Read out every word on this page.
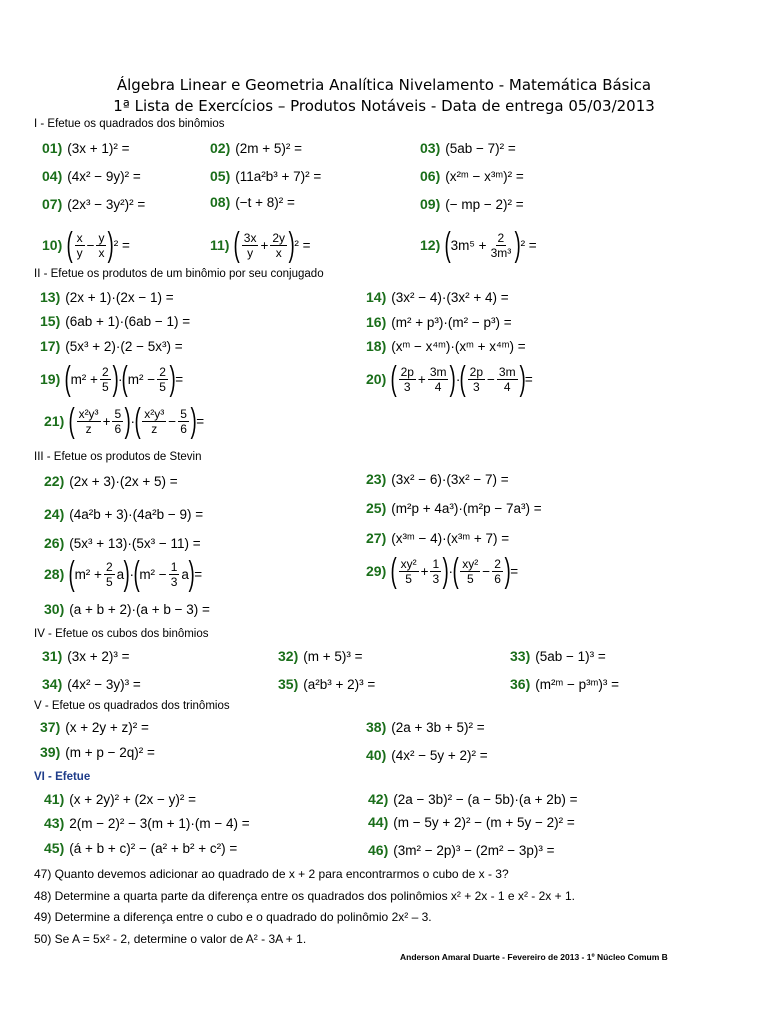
Álgebra Linear e Geometria Analítica Nivelamento - Matemática Básica
1ª Lista de Exercícios – Produtos Notáveis - Data de entrega 05/03/2013
I - Efetue os quadrados dos binômios
01) (3x + 1)² =	02) (2m + 5)² =	03) (5ab − 7)² =
04) (4x² − 9y)² =	05) (11a²b³ + 7)² =	06) (x²ᵐ − x³ᵐ)² =
07) (2x³ − 3y²)² =	08) (−t + 8)² =	09) (− mp − 2)² =
10) ( $\frac{x}{y} - \frac{y}{x}$ ) ² =	11) ( $\frac{3x}{y} + \frac{2y}{x}$ ) ² =	12) ( $3m^5 + \frac{2}{\text{3m³}}$ ) ² =
II - Efetue os produtos de um binômio por seu conjugado
13) (2x + 1)·(2x − 1) =	14) (3x² − 4)·(3x² + 4) =
15) (6ab + 1)·(6ab − 1) =	16) (m² + p³)·(m² − p³) =
17) (5x³ + 2)·(2 − 5x³) =	18) (xᵐ − x⁴ᵐ)·(xᵐ + x⁴ᵐ) =
19) ( $m^2 + \frac{2}{5}$ ) · ( $m^2 - \frac{2}{5}$ ) =	20) ( $\frac{2p}{3} + \frac{3m}{4}$ ) · ( $\frac{2p}{3} - \frac{3m}{4}$ ) =
21) ( $\frac{\text{x²y³}}{z} + \frac{5}{6}$ ) · ( $\frac{\text{x²y³}}{z} - \frac{5}{6}$ ) =
III - Efetue os produtos de Stevin
22) (2x + 3)·(2x + 5) =	23) (3x² − 6)·(3x² − 7) =
24) (4a²b + 3)·(4a²b − 9) =	25) (m²p + 4a³)·(m²p − 7a³) =
26) (5x³ + 13)·(5x³ − 11) =	27) (x³ᵐ − 4)·(x³ᵐ + 7) =
28) ( $m^2 + \frac{2}{5}$ a ) · ( $m^2 - \frac{1}{3}$ a ) =	29) ( $\frac{\text{xy²}}{5} + \frac{1}{3}$ ) · ( $\frac{\text{xy²}}{5} - \frac{2}{6}$ ) =
30) (a + b + 2)·(a + b − 3) =
IV - Efetue os cubos dos binômios
31) (3x + 2)³ =	32) (m + 5)³ =	33) (5ab − 1)³ =
34) (4x² − 3y)³ =	35) (a²b³ + 2)³ =	36) (m²ᵐ − p³ᵐ)³ =
V - Efetue os quadrados dos trinômios
37) (x + 2y + z)² =	38) (2a + 3b + 5)² =
39) (m + p − 2q)² =	40) (4x² − 5y + 2)² =
VI - Efetue
41) (x + 2y)² + (2x − y)² =	42) (2a − 3b)² − (a − 5b)·(a + 2b) =
43) 2(m − 2)² − 3(m + 1)·(m − 4) =	44) (m − 5y + 2)² − (m + 5y − 2)² =
45) (á + b + c)² − (a² + b² + c²) =	46) (3m² − 2p)³ − (2m² − 3p)³ =
47) Quanto devemos adicionar ao quadrado de x + 2 para encontrarmos o cubo de x - 3?
48) Determine a quarta parte da diferença entre os quadrados dos polinômios x² + 2x - 1 e x² - 2x + 1.
49) Determine a diferença entre o cubo e o quadrado do polinômio 2x² – 3.
50) Se A = 5x² - 2, determine o valor de A² - 3A + 1.
Anderson Amaral Duarte - Fevereiro de 2013 - 1º Núcleo Comum B
